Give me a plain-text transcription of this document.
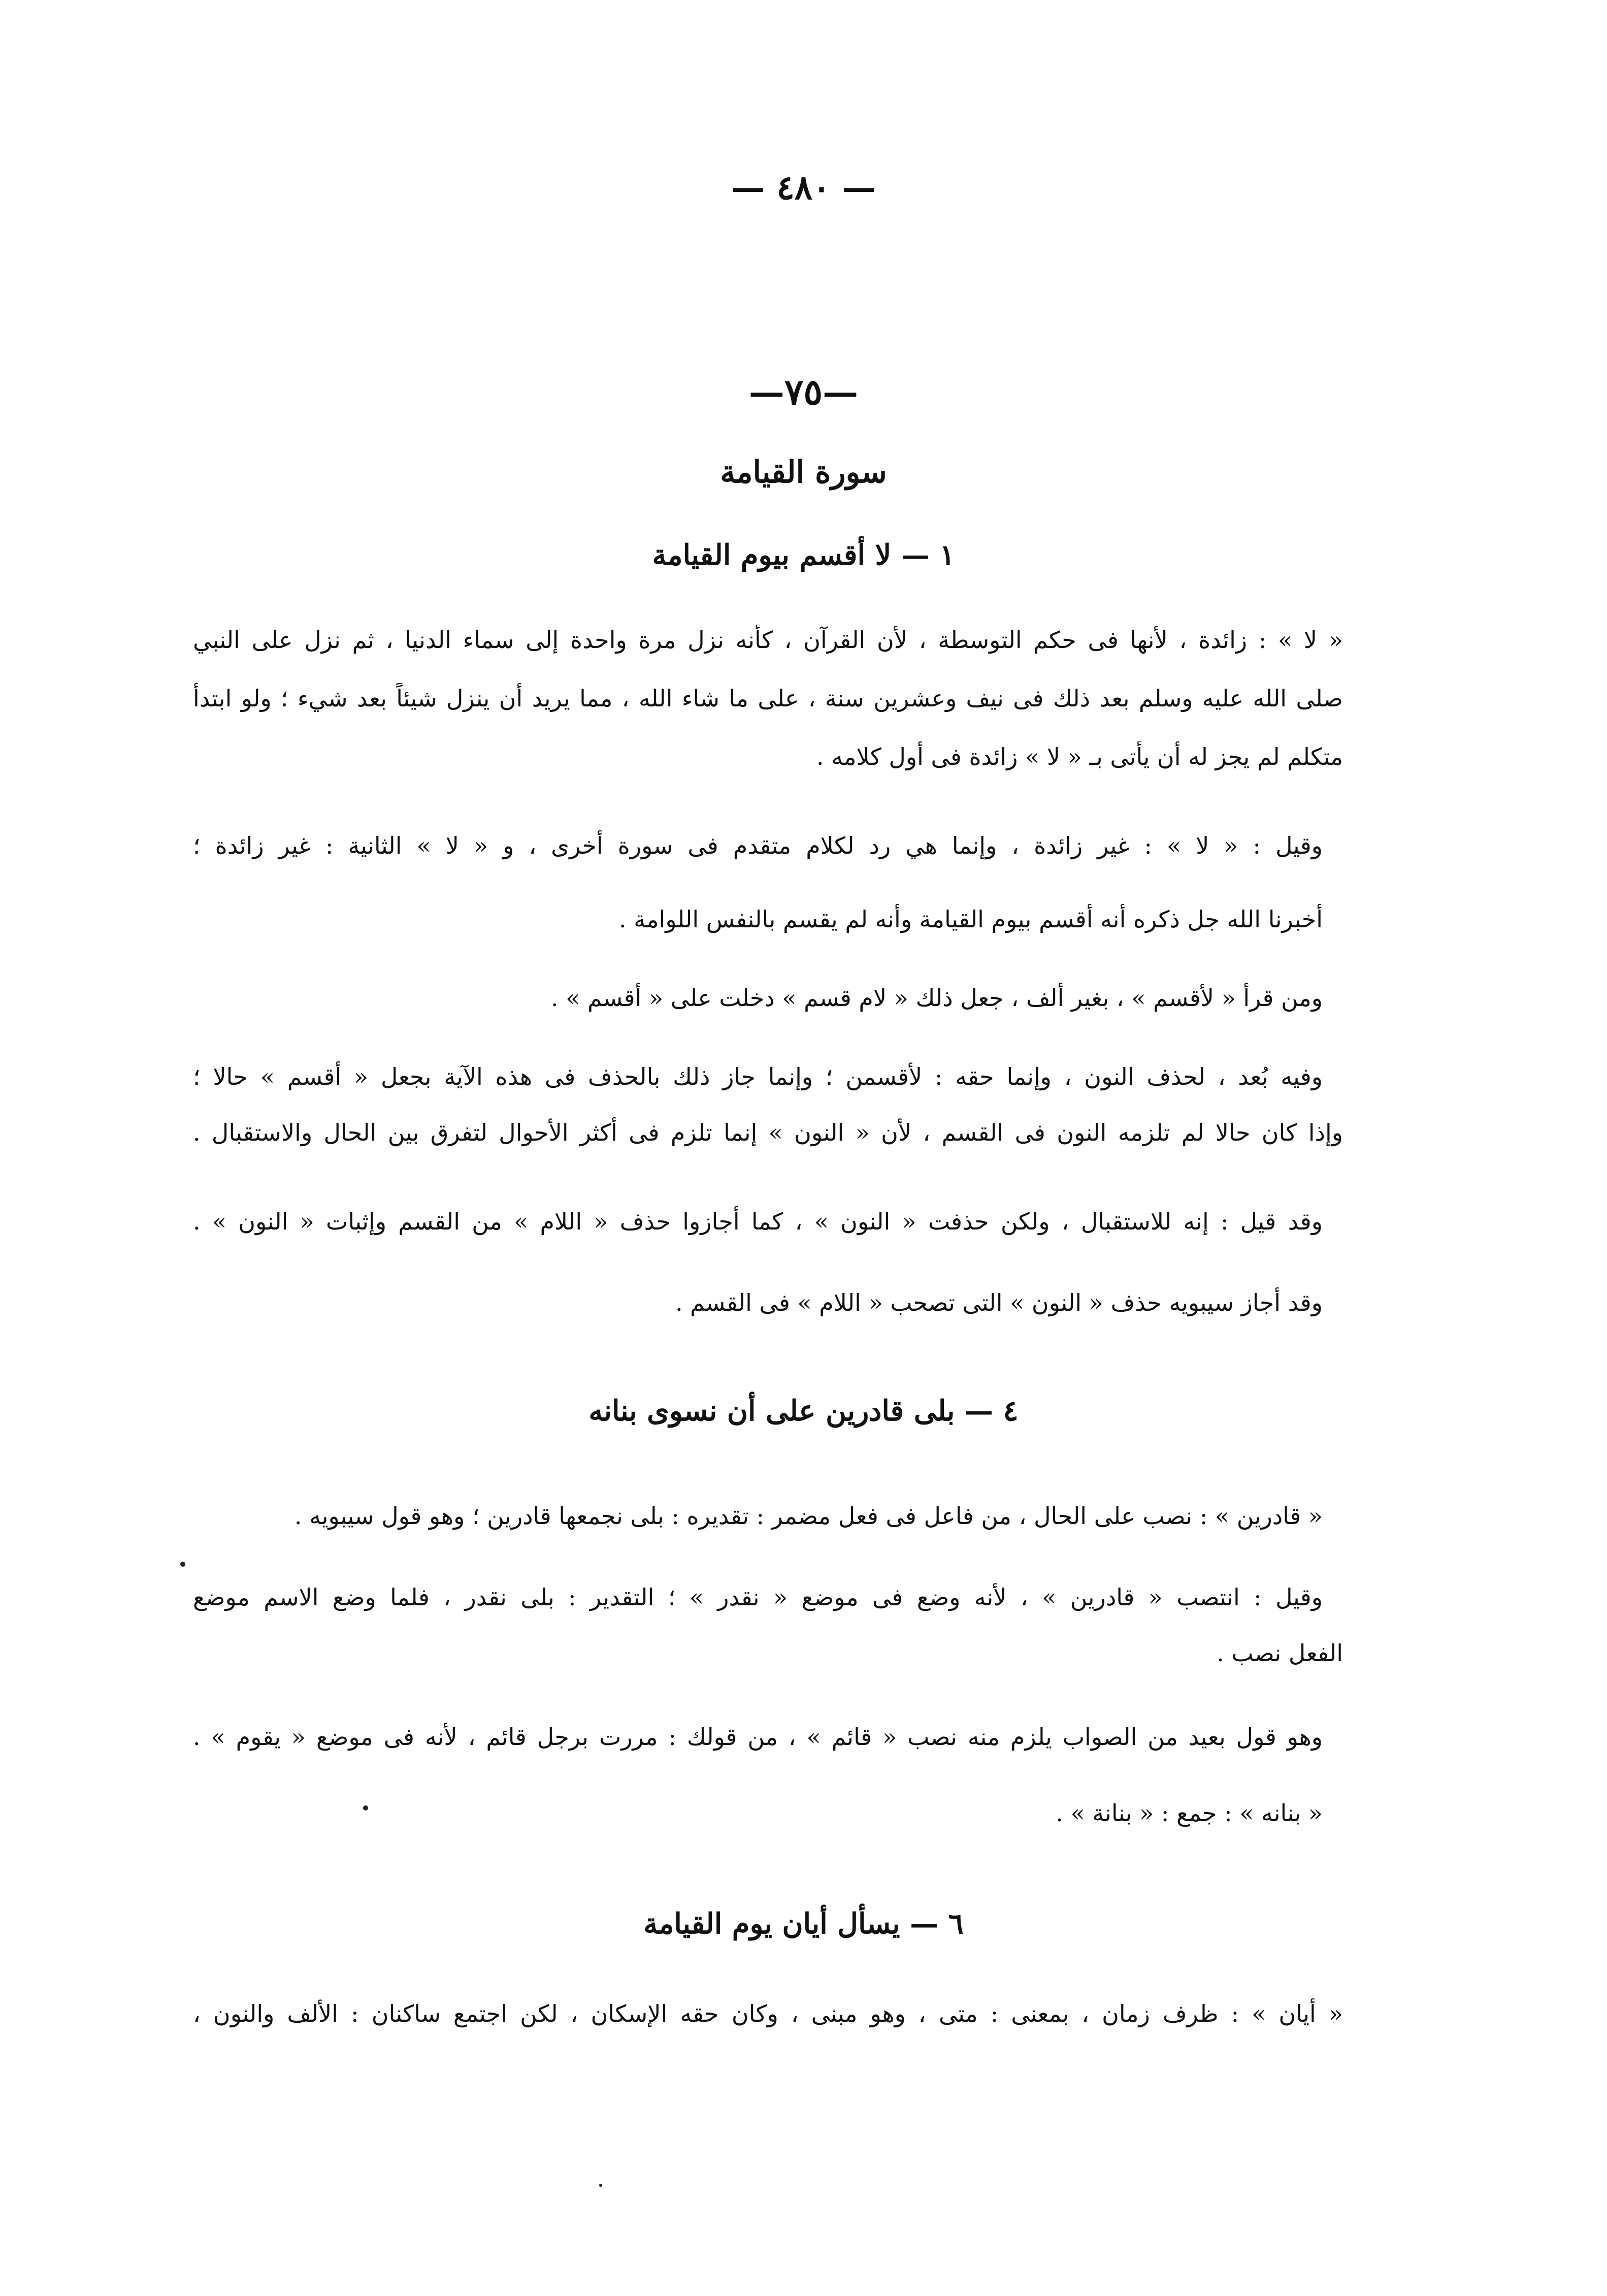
— ٤٨٠ —
—٧٥—
سورة القيامة
١ — لا أقسم بيوم القيامة
« لا » : زائدة ، لأنها فى حكم التوسطة ، لأن القرآن ، كأنه نزل مرة واحدة إلى سماء الدنيا ، ثم نزل على النبي
صلى الله عليه وسلم بعد ذلك فى نيف وعشرين سنة ، على ما شاء الله ، مما يريد أن ينزل شيئاً بعد شيء ؛ ولو ابتدأ
متكلم لم يجز له أن يأتى بـ « لا » زائدة فى أول كلامه .
وقيل : « لا » : غير زائدة ، وإنما هي رد لكلام متقدم فى سورة أخرى ، و « لا » الثانية : غير زائدة ؛
أخبرنا الله جل ذكره أنه أقسم بيوم القيامة وأنه لم يقسم بالنفس اللوامة .
ومن قرأ « لأقسم » ، بغير ألف ، جعل ذلك « لام قسم » دخلت على « أقسم » .
وفيه بُعد ، لحذف النون ، وإنما حقه : لأقسمن ؛ وإنما جاز ذلك بالحذف فى هذه الآية بجعل « أقسم » حالا ؛
وإذا كان حالا لم تلزمه النون فى القسم ، لأن « النون » إنما تلزم فى أكثر الأحوال لتفرق بين الحال والاستقبال .
وقد قيل : إنه للاستقبال ، ولكن حذفت « النون » ، كما أجازوا حذف « اللام » من القسم وإثبات « النون » .
وقد أجاز سيبويه حذف « النون » التى تصحب « اللام » فى القسم .
٤ — بلى قادرين على أن نسوى بنانه
« قادرين » : نصب على الحال ، من فاعل فى فعل مضمر : تقديره : بلى نجمعها قادرين ؛ وهو قول سيبويه .
وقيل : انتصب « قادرين » ، لأنه وضع فى موضع « نقدر » ؛ التقدير : بلى نقدر ، فلما وضع الاسم موضع
الفعل نصب .
وهو قول بعيد من الصواب يلزم منه نصب « قائم » ، من قولك : مررت برجل قائم ، لأنه فى موضع « يقوم » .
« بنانه » : جمع : « بنانة » .
٦ — يسأل أيان يوم القيامة
« أيان » : ظرف زمان ، بمعنى : متى ، وهو مبنى ، وكان حقه الإسكان ، لكن اجتمع ساكنان : الألف والنون ،
